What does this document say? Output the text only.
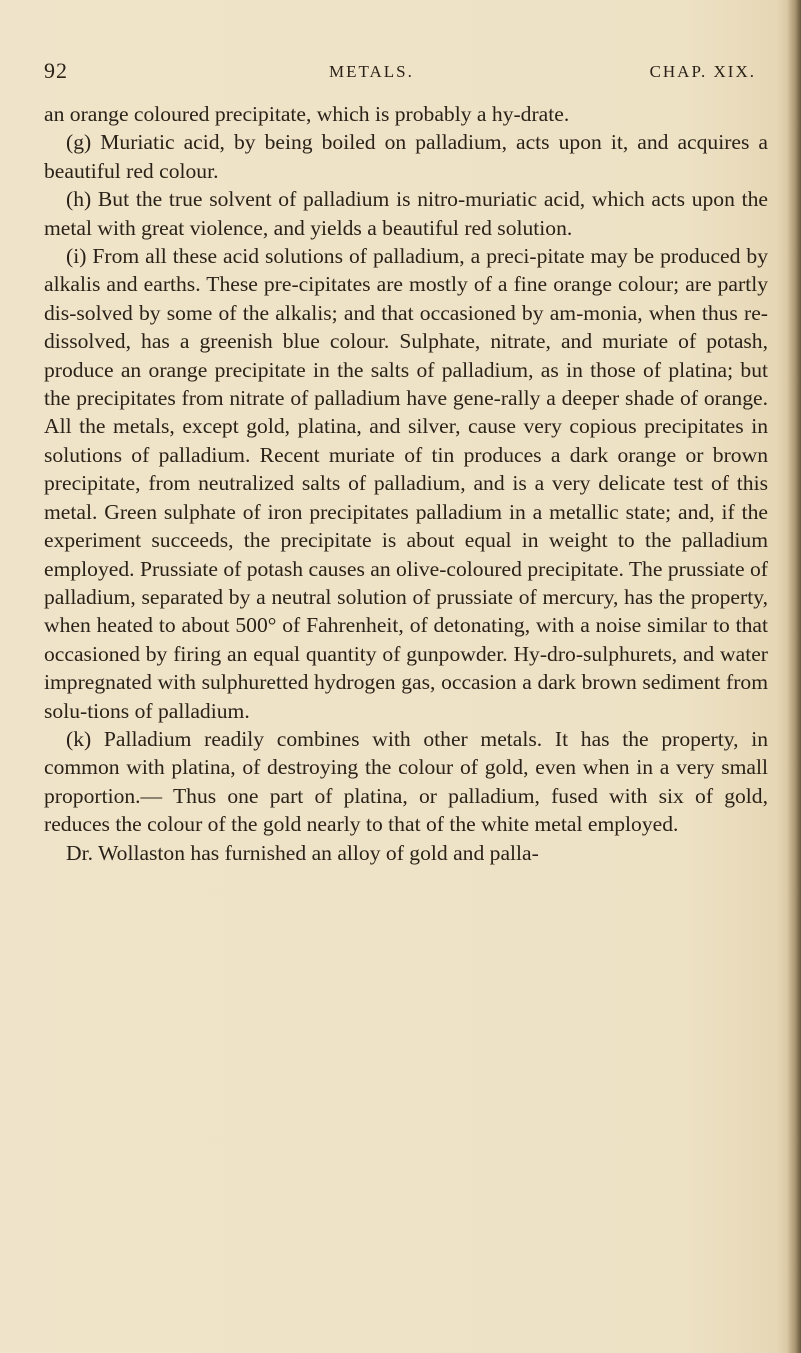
92	METALS.	CHAP. XIX.

an orange coloured precipitate, which is probably a hy-drate.

(g) Muriatic acid, by being boiled on palladium, acts upon it, and acquires a beautiful red colour.

(h) But the true solvent of palladium is nitro-muriatic acid, which acts upon the metal with great violence, and yields a beautiful red solution.

(i) From all these acid solutions of palladium, a preci-pitate may be produced by alkalis and earths. These pre-cipitates are mostly of a fine orange colour; are partly dis-solved by some of the alkalis; and that occasioned by am-monia, when thus re-dissolved, has a greenish blue colour. Sulphate, nitrate, and muriate of potash, produce an orange precipitate in the salts of palladium, as in those of platina; but the precipitates from nitrate of palladium have gene-rally a deeper shade of orange. All the metals, except gold, platina, and silver, cause very copious precipitates in solutions of palladium. Recent muriate of tin produces a dark orange or brown precipitate, from neutralized salts of palladium, and is a very delicate test of this metal. Green sulphate of iron precipitates palladium in a metallic state; and, if the experiment succeeds, the precipitate is about equal in weight to the palladium employed. Prussiate of potash causes an olive-coloured precipitate. The prussiate of palladium, separated by a neutral solution of prussiate of mercury, has the property, when heated to about 500° of Fahrenheit, of detonating, with a noise similar to that occasioned by firing an equal quantity of gunpowder. Hy-dro-sulphurets, and water impregnated with sulphuretted hydrogen gas, occasion a dark brown sediment from solu-tions of palladium.

(k) Palladium readily combines with other metals. It has the property, in common with platina, of destroying the colour of gold, even when in a very small proportion.— Thus one part of platina, or palladium, fused with six of gold, reduces the colour of the gold nearly to that of the white metal employed.

Dr. Wollaston has furnished an alloy of gold and palla-
